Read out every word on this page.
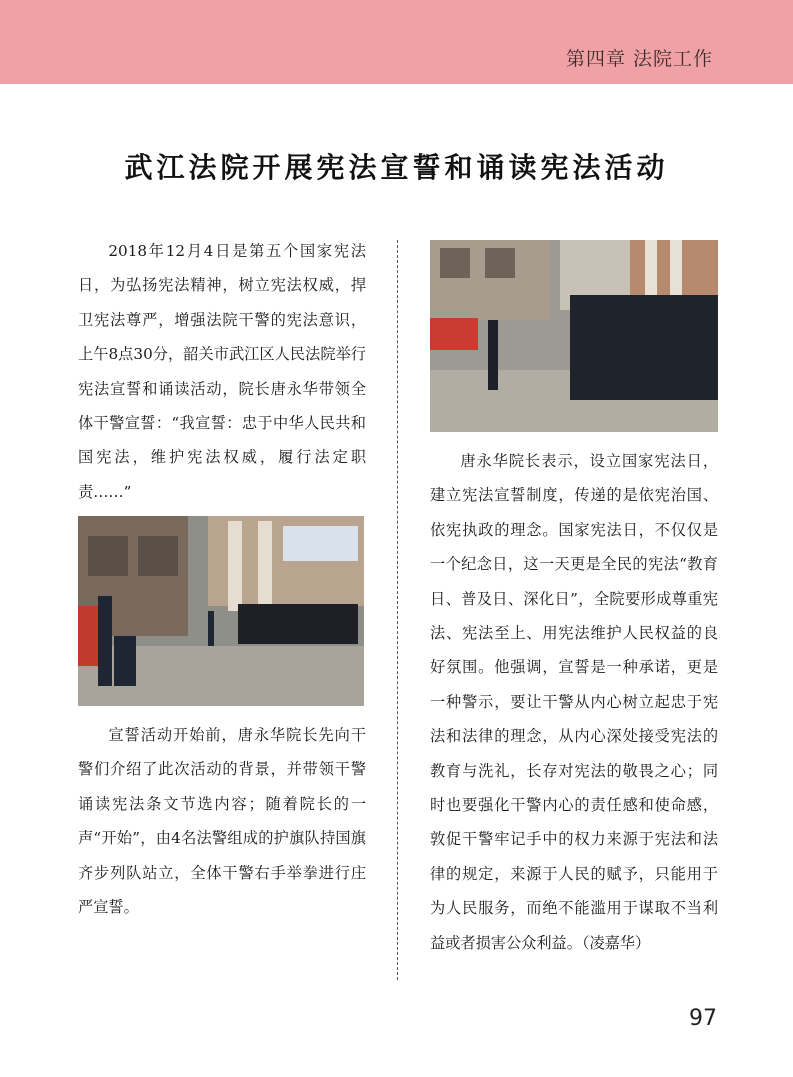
第四章 法院工作
武江法院开展宪法宣誓和诵读宪法活动

2018年12月4日是第五个国家宪法日，为弘扬宪法精神，树立宪法权威，捍卫宪法尊严，增强法院干警的宪法意识，上午8点30分，韶关市武江区人民法院举行宪法宣誓和诵读活动，院长唐永华带领全体干警宣誓：“我宣誓：忠于中华人民共和国宪法，维护宪法权威，履行法定职责……”

宣誓活动开始前，唐永华院长先向干警们介绍了此次活动的背景，并带领干警诵读宪法条文节选内容；随着院长的一声“开始”，由4名法警组成的护旗队持国旗齐步列队站立，全体干警右手举拳进行庄严宣誓。

唐永华院长表示，设立国家宪法日，建立宪法宣誓制度，传递的是依宪治国、依宪执政的理念。国家宪法日，不仅仅是一个纪念日，这一天更是全民的宪法“教育日、普及日、深化日”，全院要形成尊重宪法、宪法至上、用宪法维护人民权益的良好氛围。他强调，宣誓是一种承诺，更是一种警示，要让干警从内心树立起忠于宪法和法律的理念，从内心深处接受宪法的教育与洗礼，长存对宪法的敬畏之心；同时也要强化干警内心的责任感和使命感，敦促干警牢记手中的权力来源于宪法和法律的规定，来源于人民的赋予，只能用于为人民服务，而绝不能滥用于谋取不当利益或者损害公众利益。（凌嘉华）

97
